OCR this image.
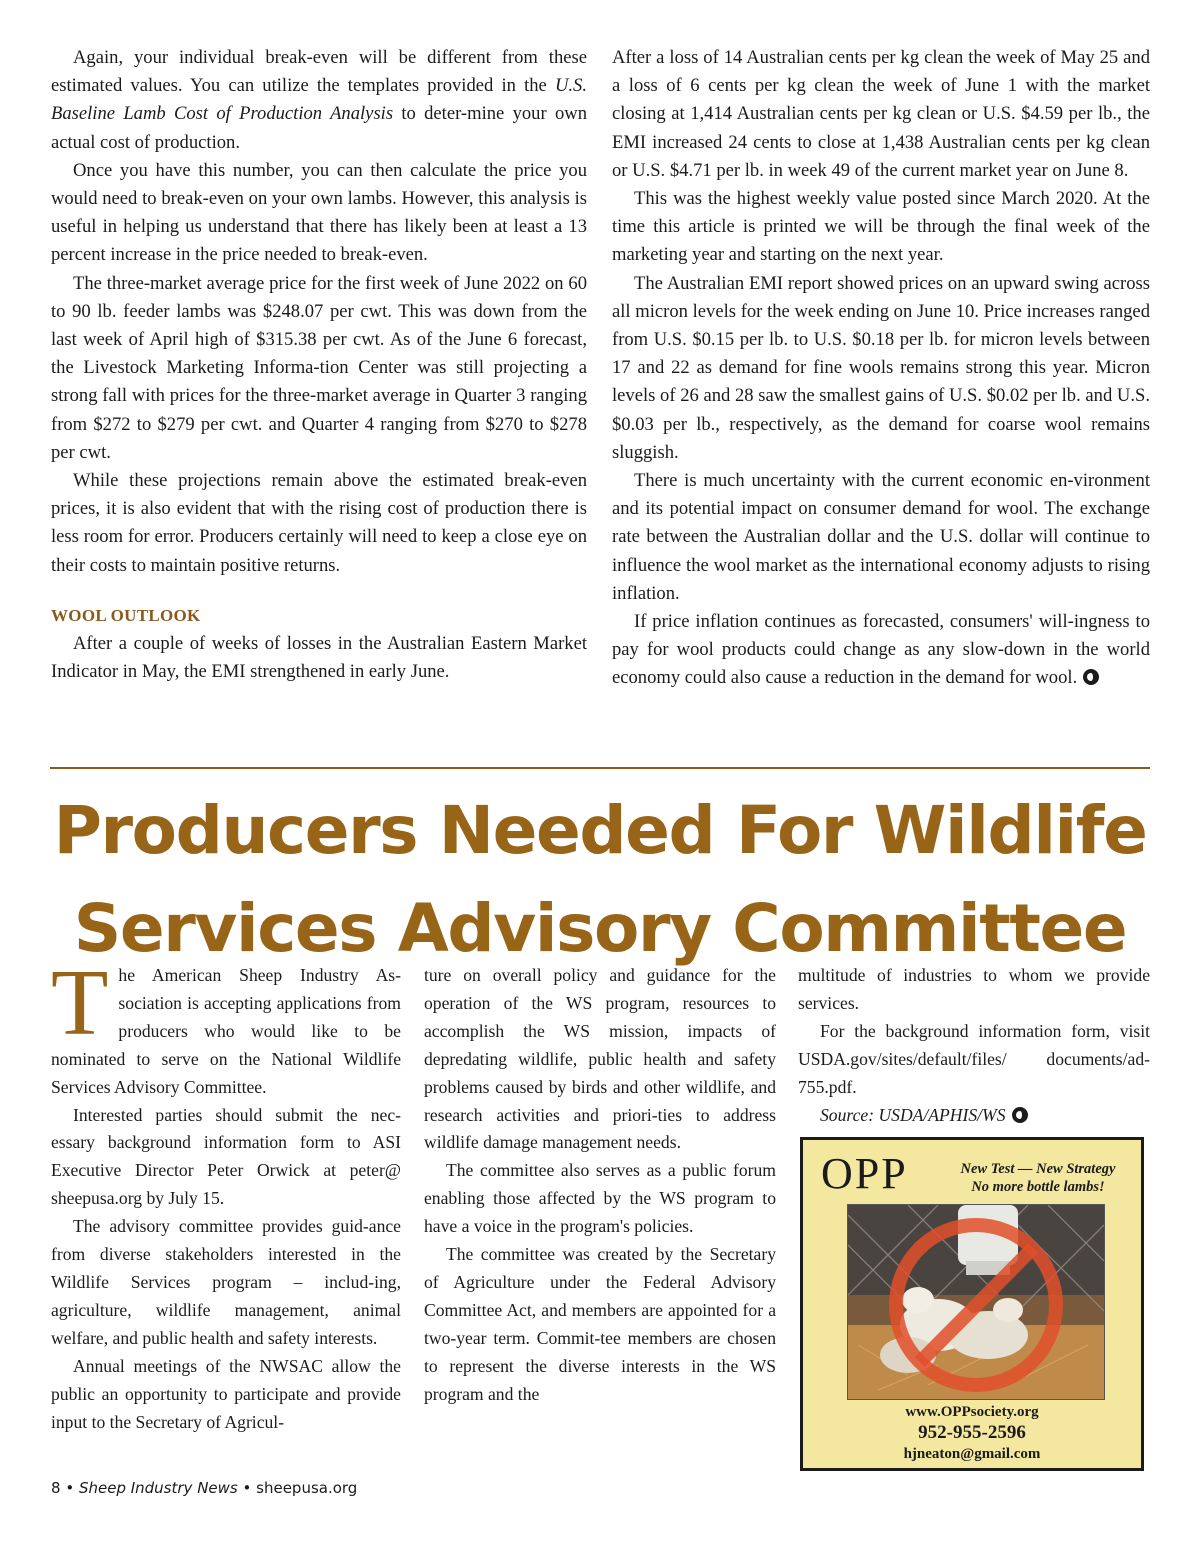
Again, your individual break-even will be different from these estimated values. You can utilize the templates provided in the U.S. Baseline Lamb Cost of Production Analysis to deter-mine your own actual cost of production.

Once you have this number, you can then calculate the price you would need to break-even on your own lambs. However, this analysis is useful in helping us understand that there has likely been at least a 13 percent increase in the price needed to break-even.

The three-market average price for the first week of June 2022 on 60 to 90 lb. feeder lambs was $248.07 per cwt. This was down from the last week of April high of $315.38 per cwt. As of the June 6 forecast, the Livestock Marketing Informa-tion Center was still projecting a strong fall with prices for the three-market average in Quarter 3 ranging from $272 to $279 per cwt. and Quarter 4 ranging from $270 to $278 per cwt.

While these projections remain above the estimated break-even prices, it is also evident that with the rising cost of production there is less room for error. Producers certainly will need to keep a close eye on their costs to maintain positive returns.

WOOL OUTLOOK

After a couple of weeks of losses in the Australian Eastern Market Indicator in May, the EMI strengthened in early June.

After a loss of 14 Australian cents per kg clean the week of May 25 and a loss of 6 cents per kg clean the week of June 1 with the market closing at 1,414 Australian cents per kg clean or U.S. $4.59 per lb., the EMI increased 24 cents to close at 1,438 Australian cents per kg clean or U.S. $4.71 per lb. in week 49 of the current market year on June 8.

This was the highest weekly value posted since March 2020. At the time this article is printed we will be through the final week of the marketing year and starting on the next year.

The Australian EMI report showed prices on an upward swing across all micron levels for the week ending on June 10. Price increases ranged from U.S. $0.15 per lb. to U.S. $0.18 per lb. for micron levels between 17 and 22 as demand for fine wools remains strong this year. Micron levels of 26 and 28 saw the smallest gains of U.S. $0.02 per lb. and U.S. $0.03 per lb., respectively, as the demand for coarse wool remains sluggish.

There is much uncertainty with the current economic en-vironment and its potential impact on consumer demand for wool. The exchange rate between the Australian dollar and the U.S. dollar will continue to influence the wool market as the international economy adjusts to rising inflation.

If price inflation continues as forecasted, consumers' will-ingness to pay for wool products could change as any slow-down in the world economy could also cause a reduction in the demand for wool.

Producers Needed For Wildlife
Services Advisory Committee

The American Sheep Industry As-sociation is accepting applications from producers who would like to be nominated to serve on the National Wildlife Services Advisory Committee.

Interested parties should submit the nec-essary background information form to ASI Executive Director Peter Orwick at peter@ sheepusa.org by July 15.

The advisory committee provides guid-ance from diverse stakeholders interested in the Wildlife Services program – includ-ing, agriculture, wildlife management, animal welfare, and public health and safety interests.

Annual meetings of the NWSAC allow the public an opportunity to participate and provide input to the Secretary of Agricul-

ture on overall policy and guidance for the operation of the WS program, resources to accomplish the WS mission, impacts of depredating wildlife, public health and safety problems caused by birds and other wildlife, and research activities and priori-ties to address wildlife damage management needs.

The committee also serves as a public forum enabling those affected by the WS program to have a voice in the program's policies.

The committee was created by the Secretary of Agriculture under the Federal Advisory Committee Act, and members are appointed for a two-year term. Commit-tee members are chosen to represent the diverse interests in the WS program and the

multitude of industries to whom we provide services.

For the background information form, visit USDA.gov/sites/default/files/ documents/ad-755.pdf.

Source: USDA/APHIS/WS

OPP	New Test — New Strategy
No more bottle lambs!
www.OPPsociety.org
952-955-2596
hjneaton@gmail.com
8 • Sheep Industry News • sheepusa.org
